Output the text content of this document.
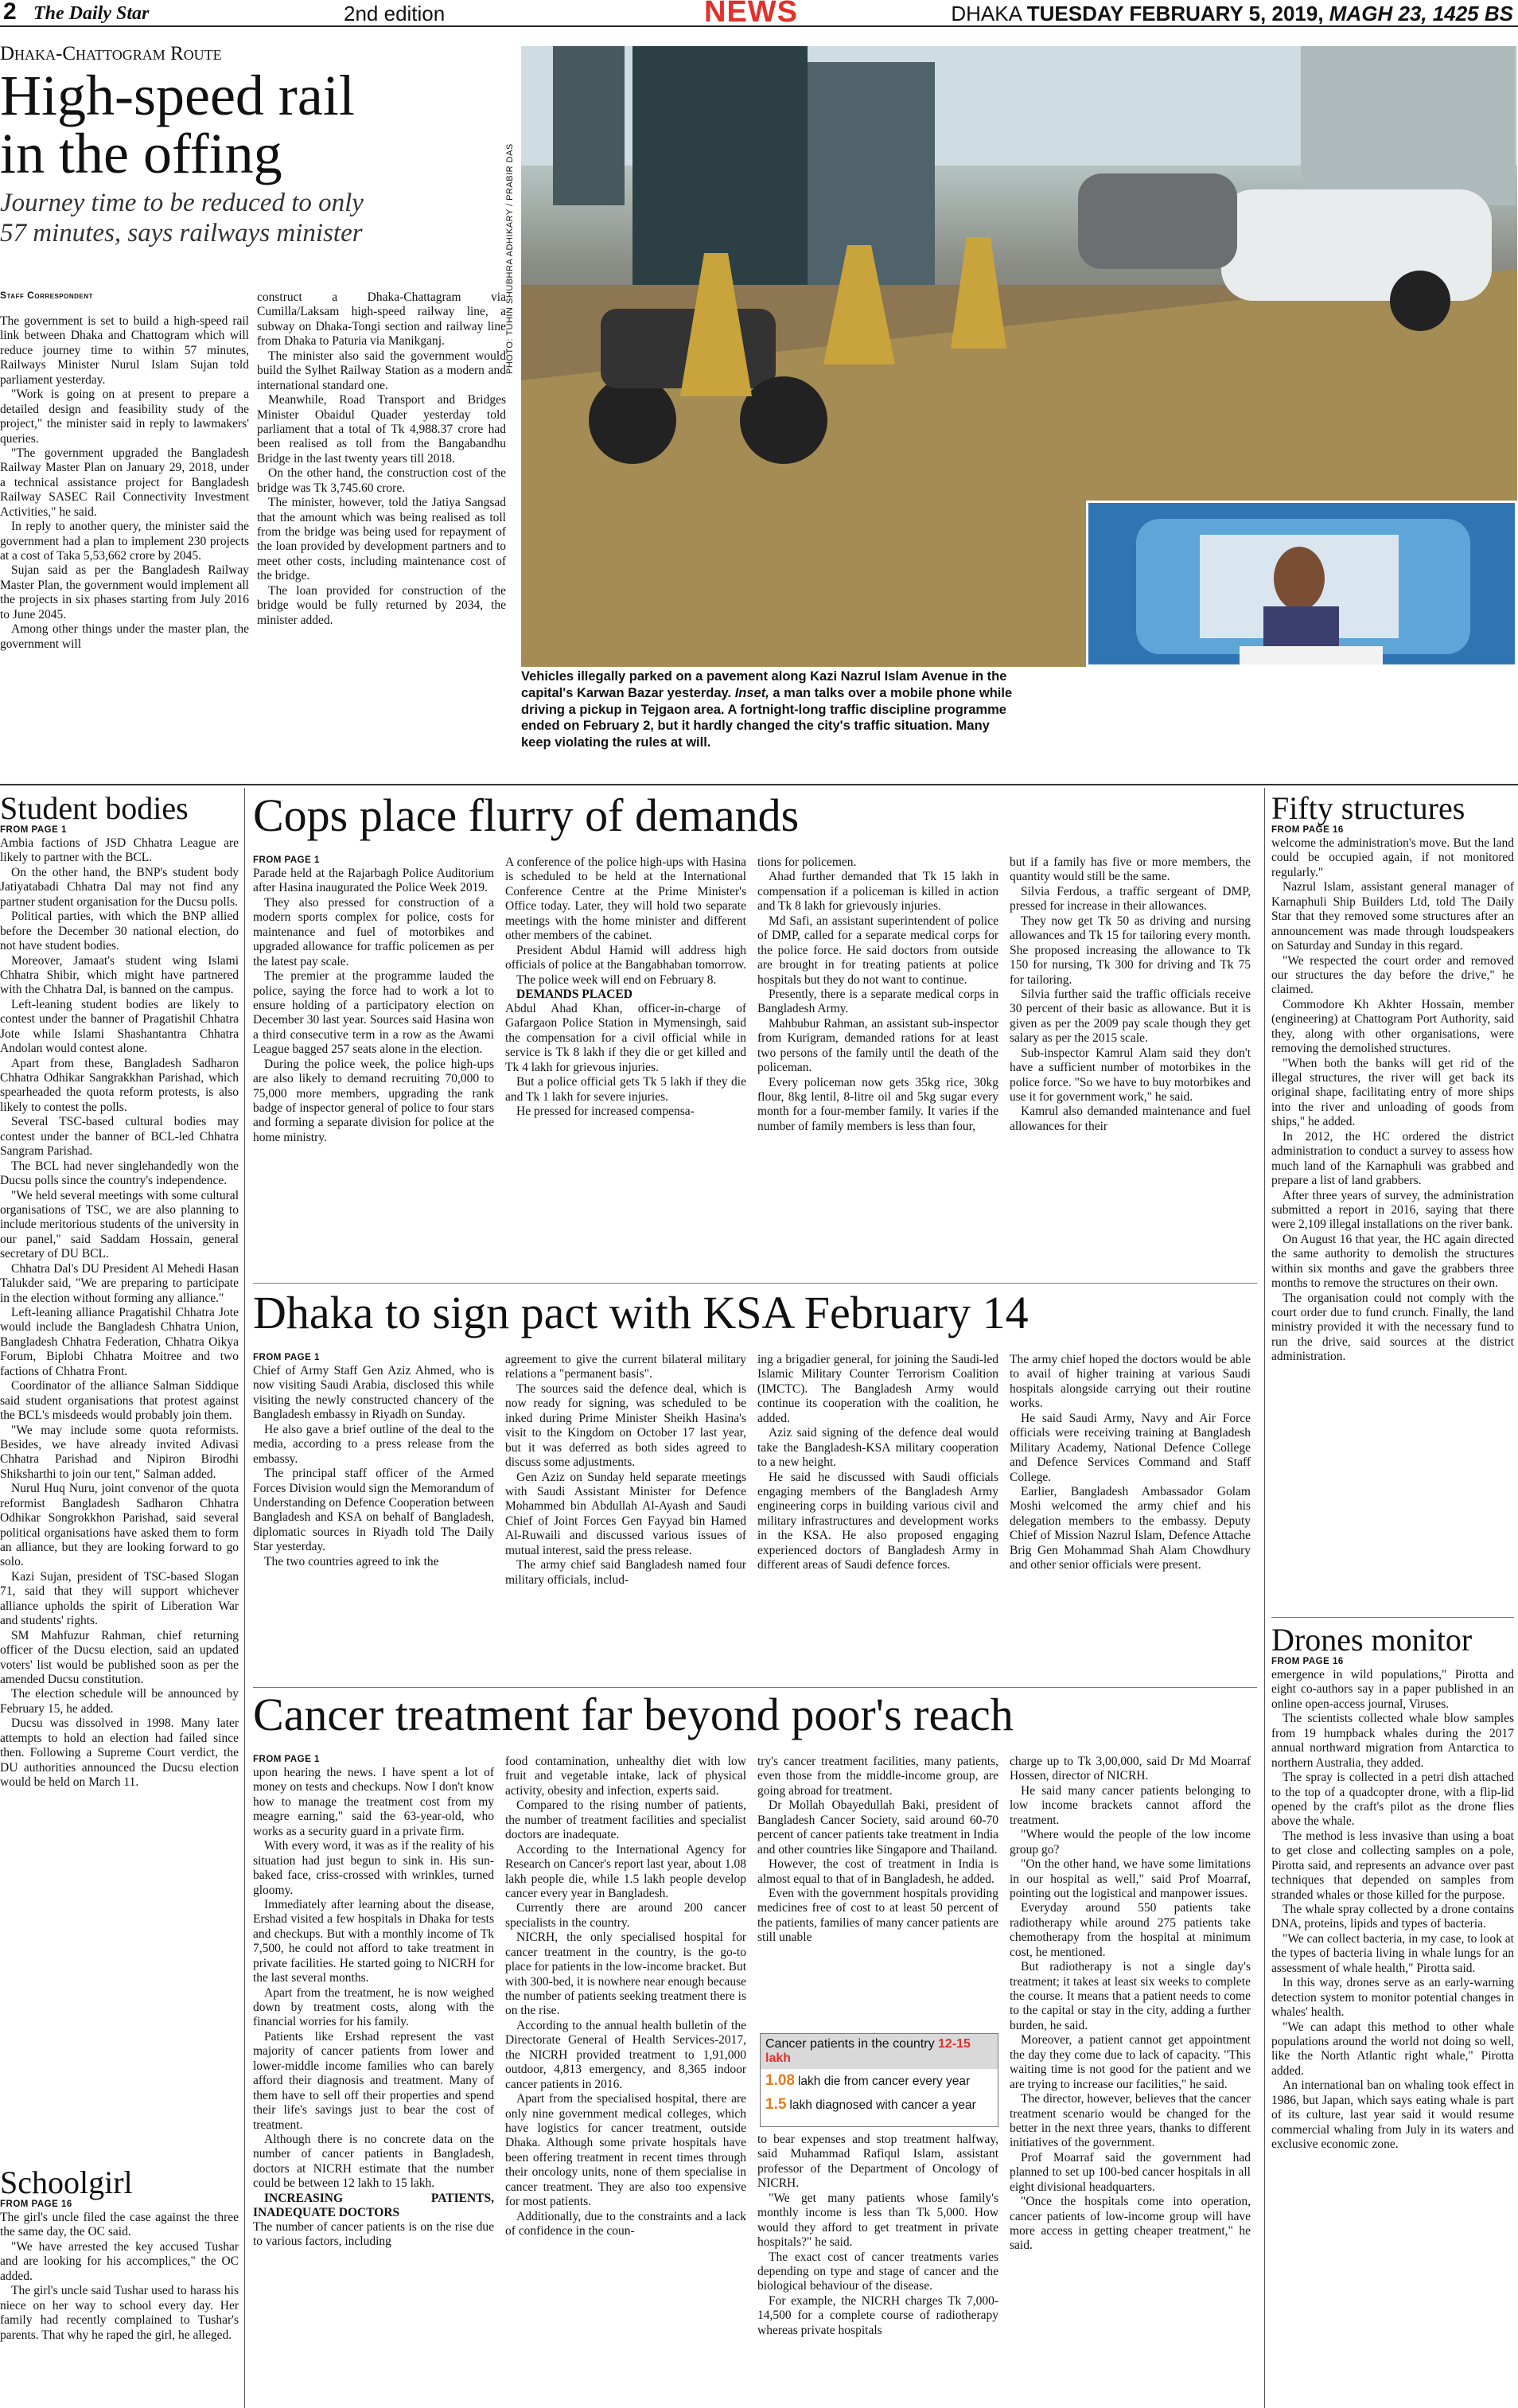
2 The Daily Star	2nd edition	NEWS	DHAKA TUESDAY FEBRUARY 5, 2019, MAGH 23, 1425 BS
Dhaka-Chattogram Route
High-speed rail
in the offing
Journey time to be reduced to only
57 minutes, says railways minister
Staff Correspondent

The government is set to build a high-speed rail link between Dhaka and Chattogram which will reduce journey time to within 57 minutes, Railways Minister Nurul Islam Sujan told parliament yesterday.

"Work is going on at present to prepare a detailed design and feasibility study of the project," the minister said in reply to lawmakers' queries.

"The government upgraded the Bangladesh Railway Master Plan on January 29, 2018, under a technical assistance project for Bangladesh Railway SASEC Rail Connectivity Investment Activities," he said.

In reply to another query, the minister said the government had a plan to implement 230 projects at a cost of Taka 5,53,662 crore by 2045.

Sujan said as per the Bangladesh Railway Master Plan, the government would implement all the projects in six phases starting from July 2016 to June 2045.

Among other things under the master plan, the government will

construct a Dhaka-Chattagram via Cumilla/Laksam high-speed railway line, a subway on Dhaka-Tongi section and railway line from Dhaka to Paturia via Manikganj.

The minister also said the government would build the Sylhet Railway Station as a modern and international standard one.

Meanwhile, Road Transport and Bridges Minister Obaidul Quader yesterday told parliament that a total of Tk 4,988.37 crore had been realised as toll from the Bangabandhu Bridge in the last twenty years till 2018.

On the other hand, the construction cost of the bridge was Tk 3,745.60 crore.

The minister, however, told the Jatiya Sangsad that the amount which was being realised as toll from the bridge was being used for repayment of the loan provided by development partners and to meet other costs, including maintenance cost of the bridge.

The loan provided for construction of the bridge would be fully returned by 2034, the minister added.

PHOTO: TUHIN SHUBHRA ADHIKARY / PRABIR DAS
Vehicles illegally parked on a pavement along Kazi Nazrul Islam Avenue in the capital's Karwan Bazar yesterday. Inset, a man talks over a mobile phone while driving a pickup in Tejgaon area. A fortnight-long traffic discipline programme ended on February 2, but it hardly changed the city's traffic situation. Many keep violating the rules at will.
Student bodies
FROM PAGE 1

Ambia factions of JSD Chhatra League are likely to partner with the BCL.

On the other hand, the BNP's student body Jatiyatabadi Chhatra Dal may not find any partner student organisation for the Ducsu polls.

Political parties, with which the BNP allied before the December 30 national election, do not have student bodies.

Moreover, Jamaat's student wing Islami Chhatra Shibir, which might have partnered with the Chhatra Dal, is banned on the campus.

Left-leaning student bodies are likely to contest under the banner of Pragatishil Chhatra Jote while Islami Shashantantra Chhatra Andolan would contest alone.

Apart from these, Bangladesh Sadharon Chhatra Odhikar Sangrakkhan Parishad, which spearheaded the quota reform protests, is also likely to contest the polls.

Several TSC-based cultural bodies may contest under the banner of BCL-led Chhatra Sangram Parishad.

The BCL had never singlehandedly won the Ducsu polls since the country's independence.

"We held several meetings with some cultural organisations of TSC, we are also planning to include meritorious students of the university in our panel," said Saddam Hossain, general secretary of DU BCL.

Chhatra Dal's DU President Al Mehedi Hasan Talukder said, "We are preparing to participate in the election without forming any alliance."

Left-leaning alliance Pragatishil Chhatra Jote would include the Bangladesh Chhatra Union, Bangladesh Chhatra Federation, Chhatra Oikya Forum, Biplobi Chhatra Moitree and two factions of Chhatra Front.

Coordinator of the alliance Salman Siddique said student organisations that protest against the BCL's misdeeds would probably join them.

"We may include some quota reformists. Besides, we have already invited Adivasi Chhatra Parishad and Nipiron Birodhi Shiksharthi to join our tent," Salman added.

Nurul Huq Nuru, joint convenor of the quota reformist Bangladesh Sadharon Chhatra Odhikar Songrokkhon Parishad, said several political organisations have asked them to form an alliance, but they are looking forward to go solo.

Kazi Sujan, president of TSC-based Slogan 71, said that they will support whichever alliance upholds the spirit of Liberation War and students' rights.

SM Mahfuzur Rahman, chief returning officer of the Ducsu election, said an updated voters' list would be published soon as per the amended Ducsu constitution.

The election schedule will be announced by February 15, he added.

Ducsu was dissolved in 1998. Many later attempts to hold an election had failed since then. Following a Supreme Court verdict, the DU authorities announced the Ducsu election would be held on March 11.

Schoolgirl
FROM PAGE 16

The girl's uncle filed the case against the three the same day, the OC said.

"We have arrested the key accused Tushar and are looking for his accomplices," the OC added.

The girl's uncle said Tushar used to harass his niece on her way to school every day. Her family had recently complained to Tushar's parents. That why he raped the girl, he alleged.

Cops place flurry of demands
FROM PAGE 1

Parade held at the Rajarbagh Police Auditorium after Hasina inaugurated the Police Week 2019.

They also pressed for construction of a modern sports complex for police, costs for maintenance and fuel of motorbikes and upgraded allowance for traffic policemen as per the latest pay scale.

The premier at the programme lauded the police, saying the force had to work a lot to ensure holding of a participatory election on December 30 last year. Sources said Hasina won a third consecutive term in a row as the Awami League bagged 257 seats alone in the election.

During the police week, the police high-ups are also likely to demand recruiting 70,000 to 75,000 more members, upgrading the rank badge of inspector general of police to four stars and forming a separate division for police at the home ministry.

A conference of the police high-ups with Hasina is scheduled to be held at the International Conference Centre at the Prime Minister's Office today. Later, they will hold two separate meetings with the home minister and different other members of the cabinet.

President Abdul Hamid will address high officials of police at the Bangabhaban tomorrow.

The police week will end on February 8.

DEMANDS PLACED

Abdul Ahad Khan, officer-in-charge of Gafargaon Police Station in Mymensingh, said the compensation for a civil official while in service is Tk 8 lakh if they die or get killed and Tk 4 lakh for grievous injuries.

But a police official gets Tk 5 lakh if they die and Tk 1 lakh for severe injuries.

He pressed for increased compensa-

tions for policemen.

Ahad further demanded that Tk 15 lakh in compensation if a policeman is killed in action and Tk 8 lakh for grievously injuries.

Md Safi, an assistant superintendent of police of DMP, called for a separate medical corps for the police force. He said doctors from outside are brought in for treating patients at police hospitals but they do not want to continue.

Presently, there is a separate medical corps in Bangladesh Army.

Mahbubur Rahman, an assistant sub-inspector from Kurigram, demanded rations for at least two persons of the family until the death of the policeman.

Every policeman now gets 35kg rice, 30kg flour, 8kg lentil, 8-litre oil and 5kg sugar every month for a four-member family. It varies if the number of family members is less than four,

but if a family has five or more members, the quantity would still be the same.

Silvia Ferdous, a traffic sergeant of DMP, pressed for increase in their allowances.

They now get Tk 50 as driving and nursing allowances and Tk 15 for tailoring every month. She proposed increasing the allowance to Tk 150 for nursing, Tk 300 for driving and Tk 75 for tailoring.

Silvia further said the traffic officials receive 30 percent of their basic as allowance. But it is given as per the 2009 pay scale though they get salary as per the 2015 scale.

Sub-inspector Kamrul Alam said they don't have a sufficient number of motorbikes in the police force. "So we have to buy motorbikes and use it for government work," he said.

Kamrul also demanded maintenance and fuel allowances for their

Dhaka to sign pact with KSA February 14
FROM PAGE 1

Chief of Army Staff Gen Aziz Ahmed, who is now visiting Saudi Arabia, disclosed this while visiting the newly constructed chancery of the Bangladesh embassy in Riyadh on Sunday.

He also gave a brief outline of the deal to the media, according to a press release from the embassy.

The principal staff officer of the Armed Forces Division would sign the Memorandum of Understanding on Defence Cooperation between Bangladesh and KSA on behalf of Bangladesh, diplomatic sources in Riyadh told The Daily Star yesterday.

The two countries agreed to ink the

agreement to give the current bilateral military relations a "permanent basis".

The sources said the defence deal, which is now ready for signing, was scheduled to be inked during Prime Minister Sheikh Hasina's visit to the Kingdom on October 17 last year, but it was deferred as both sides agreed to discuss some adjustments.

Gen Aziz on Sunday held separate meetings with Saudi Assistant Minister for Defence Mohammed bin Abdullah Al-Ayash and Saudi Chief of Joint Forces Gen Fayyad bin Hamed Al-Ruwaili and discussed various issues of mutual interest, said the press release.

The army chief said Bangladesh named four military officials, includ-

ing a brigadier general, for joining the Saudi-led Islamic Military Counter Terrorism Coalition (IMCTC). The Bangladesh Army would continue its cooperation with the coalition, he added.

Aziz said signing of the defence deal would take the Bangladesh-KSA military cooperation to a new height.

He said he discussed with Saudi officials engaging members of the Bangladesh Army engineering corps in building various civil and military infrastructures and development works in the KSA. He also proposed engaging experienced doctors of Bangladesh Army in different areas of Saudi defence forces.

The army chief hoped the doctors would be able to avail of higher training at various Saudi hospitals alongside carrying out their routine works.

He said Saudi Army, Navy and Air Force officials were receiving training at Bangladesh Military Academy, National Defence College and Defence Services Command and Staff College.

Earlier, Bangladesh Ambassador Golam Moshi welcomed the army chief and his delegation members to the embassy. Deputy Chief of Mission Nazrul Islam, Defence Attache Brig Gen Mohammad Shah Alam Chowdhury and other senior officials were present.

Cancer treatment far beyond poor's reach
FROM PAGE 1

upon hearing the news. I have spent a lot of money on tests and checkups. Now I don't know how to manage the treatment cost from my meagre earning," said the 63-year-old, who works as a security guard in a private firm.

With every word, it was as if the reality of his situation had just begun to sink in. His sun-baked face, criss-crossed with wrinkles, turned gloomy.

Immediately after learning about the disease, Ershad visited a few hospitals in Dhaka for tests and checkups. But with a monthly income of Tk 7,500, he could not afford to take treatment in private facilities. He started going to NICRH for the last several months.

Apart from the treatment, he is now weighed down by treatment costs, along with the financial worries for his family.

Patients like Ershad represent the vast majority of cancer patients from lower and lower-middle income families who can barely afford their diagnosis and treatment. Many of them have to sell off their properties and spend their life's savings just to bear the cost of treatment.

Although there is no concrete data on the number of cancer patients in Bangladesh, doctors at NICRH estimate that the number could be between 12 lakh to 15 lakh.

INCREASING PATIENTS, INADEQUATE DOCTORS

The number of cancer patients is on the rise due to various factors, including

food contamination, unhealthy diet with low fruit and vegetable intake, lack of physical activity, obesity and infection, experts said.

Compared to the rising number of patients, the number of treatment facilities and specialist doctors are inadequate.

According to the International Agency for Research on Cancer's report last year, about 1.08 lakh people die, while 1.5 lakh people develop cancer every year in Bangladesh.

Currently there are around 200 cancer specialists in the country.

NICRH, the only specialised hospital for cancer treatment in the country, is the go-to place for patients in the low-income bracket. But with 300-bed, it is nowhere near enough because the number of patients seeking treatment there is on the rise.

According to the annual health bulletin of the Directorate General of Health Services-2017, the NICRH provided treatment to 1,91,000 outdoor, 4,813 emergency, and 8,365 indoor cancer patients in 2016.

Apart from the specialised hospital, there are only nine government medical colleges, which have logistics for cancer treatment, outside Dhaka. Although some private hospitals have been offering treatment in recent times through their oncology units, none of them specialise in cancer treatment. They are also too expensive for most patients.

Additionally, due to the constraints and a lack of confidence in the coun-

try's cancer treatment facilities, many patients, even those from the middle-income group, are going abroad for treatment.

Dr Mollah Obayedullah Baki, president of Bangladesh Cancer Society, said around 60-70 percent of cancer patients take treatment in India and other countries like Singapore and Thailand.

However, the cost of treatment in India is almost equal to that of in Bangladesh, he added.

Even with the government hospitals providing medicines free of cost to at least 50 percent of the patients, families of many cancer patients are still unable

Cancer patients in the country 12-15 lakh
1.08 lakh die from cancer every year
1.5 lakh diagnosed with cancer a year

to bear expenses and stop treatment halfway, said Muhammad Rafiqul Islam, assistant professor of the Department of Oncology of NICRH.

"We get many patients whose family's monthly income is less than Tk 5,000. How would they afford to get treatment in private hospitals?" he said.

The exact cost of cancer treatments varies depending on type and stage of cancer and the biological behaviour of the disease.

For example, the NICRH charges Tk 7,000-14,500 for a complete course of radiotherapy whereas private hospitals

charge up to Tk 3,00,000, said Dr Md Moarraf Hossen, director of NICRH.

He said many cancer patients belonging to low income brackets cannot afford the treatment.

"Where would the people of the low income group go?

"On the other hand, we have some limitations in our hospital as well," said Prof Moarraf, pointing out the logistical and manpower issues.

Everyday around 550 patients take radiotherapy while around 275 patients take chemotherapy from the hospital at minimum cost, he mentioned.

But radiotherapy is not a single day's treatment; it takes at least six weeks to complete the course. It means that a patient needs to come to the capital or stay in the city, adding a further burden, he said.

Moreover, a patient cannot get appointment the day they come due to lack of capacity. "This waiting time is not good for the patient and we are trying to increase our facilities," he said.

The director, however, believes that the cancer treatment scenario would be changed for the better in the next three years, thanks to different initiatives of the government.

Prof Moarraf said the government had planned to set up 100-bed cancer hospitals in all eight divisional headquarters.

"Once the hospitals come into operation, cancer patients of low-income group will have more access in getting cheaper treatment," he said.

Fifty structures
FROM PAGE 16

welcome the administration's move. But the land could be occupied again, if not monitored regularly."

Nazrul Islam, assistant general manager of Karnaphuli Ship Builders Ltd, told The Daily Star that they removed some structures after an announcement was made through loudspeakers on Saturday and Sunday in this regard.

"We respected the court order and removed our structures the day before the drive," he claimed.

Commodore Kh Akhter Hossain, member (engineering) at Chattogram Port Authority, said they, along with other organisations, were removing the demolished structures.

"When both the banks will get rid of the illegal structures, the river will get back its original shape, facilitating entry of more ships into the river and unloading of goods from ships," he added.

In 2012, the HC ordered the district administration to conduct a survey to assess how much land of the Karnaphuli was grabbed and prepare a list of land grabbers.

After three years of survey, the administration submitted a report in 2016, saying that there were 2,109 illegal installations on the river bank.

On August 16 that year, the HC again directed the same authority to demolish the structures within six months and gave the grabbers three months to remove the structures on their own.

The organisation could not comply with the court order due to fund crunch. Finally, the land ministry provided it with the necessary fund to run the drive, said sources at the district administration.

Drones monitor
FROM PAGE 16

emergence in wild populations," Pirotta and eight co-authors say in a paper published in an online open-access journal, Viruses.

The scientists collected whale blow samples from 19 humpback whales during the 2017 annual northward migration from Antarctica to northern Australia, they added.

The spray is collected in a petri dish attached to the top of a quadcopter drone, with a flip-lid opened by the craft's pilot as the drone flies above the whale.

The method is less invasive than using a boat to get close and collecting samples on a pole, Pirotta said, and represents an advance over past techniques that depended on samples from stranded whales or those killed for the purpose.

The whale spray collected by a drone contains DNA, proteins, lipids and types of bacteria.

"We can collect bacteria, in my case, to look at the types of bacteria living in whale lungs for an assessment of whale health," Pirotta said.

In this way, drones serve as an early-warning detection system to monitor potential changes in whales' health.

"We can adapt this method to other whale populations around the world not doing so well, like the North Atlantic right whale," Pirotta added.

An international ban on whaling took effect in 1986, but Japan, which says eating whale is part of its culture, last year said it would resume commercial whaling from July in its waters and exclusive economic zone.
